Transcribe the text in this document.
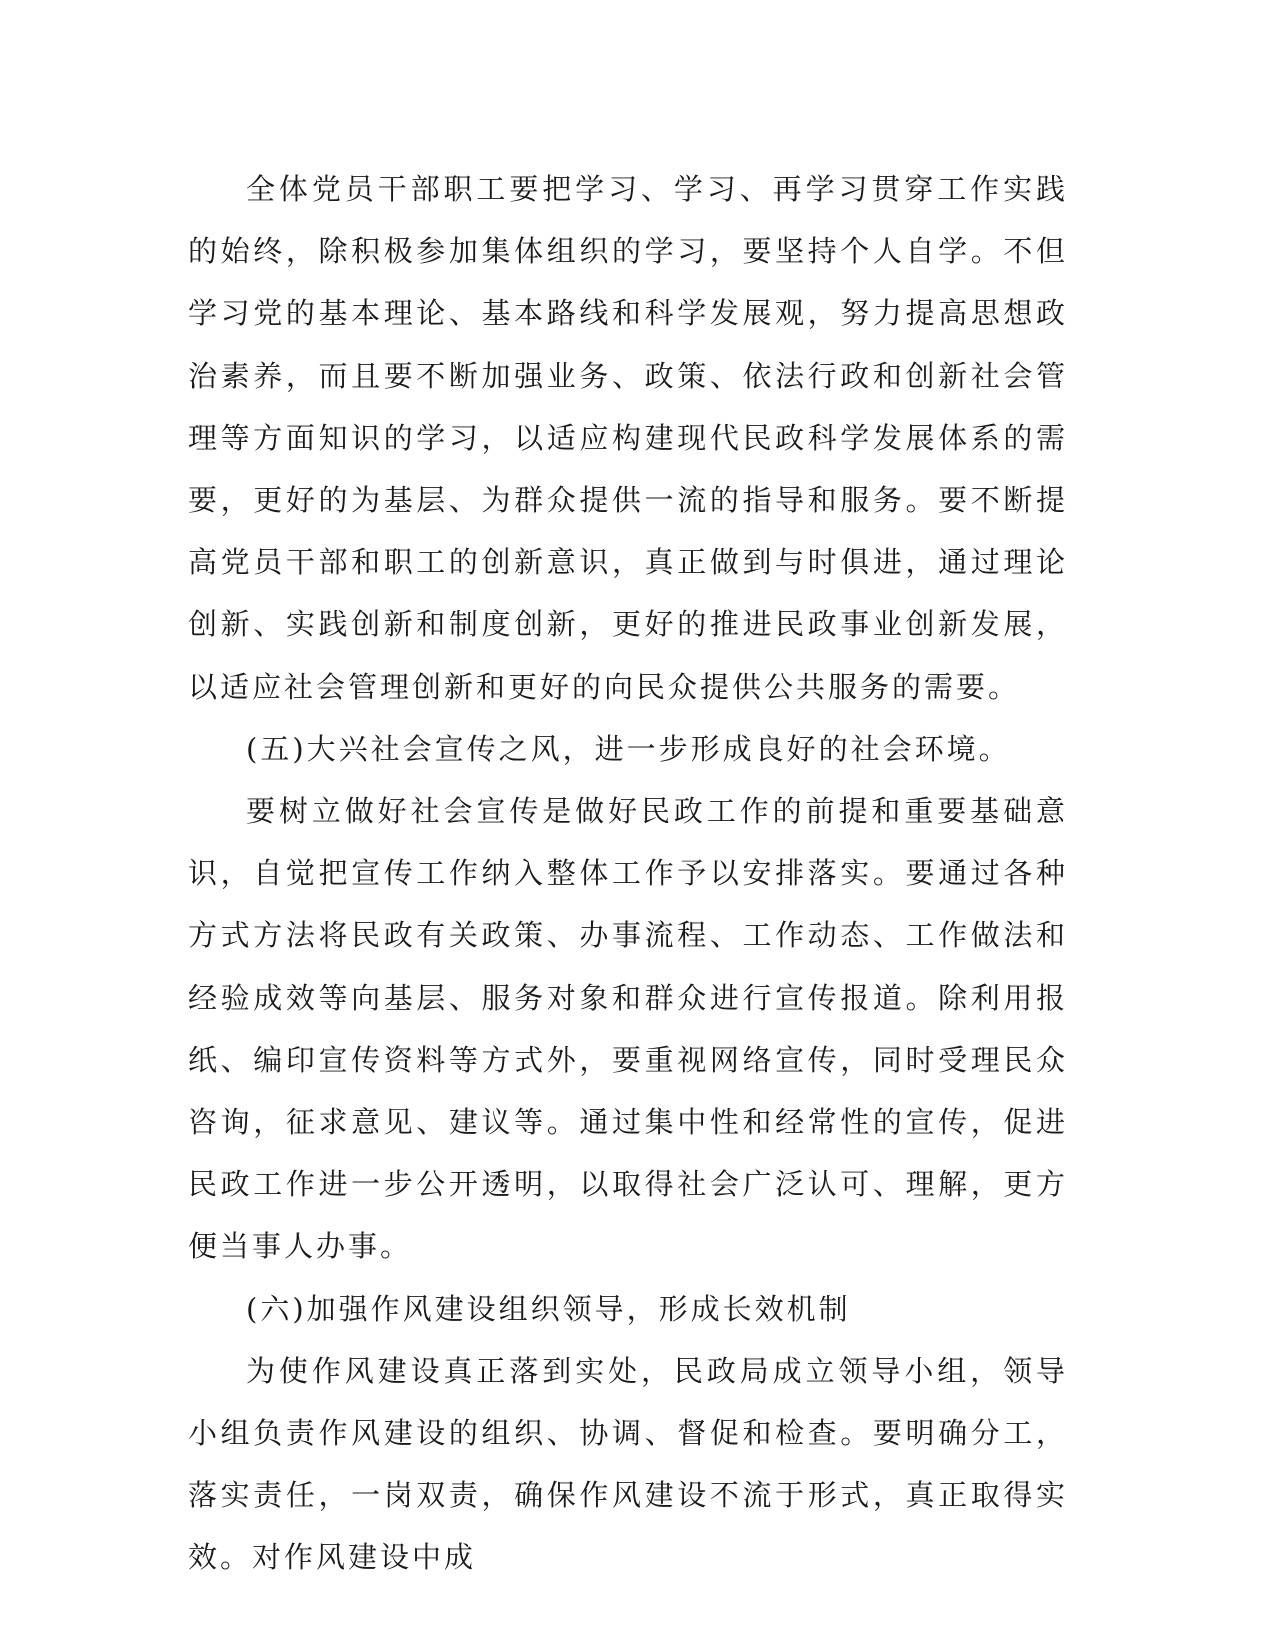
全体党员干部职工要把学习、学习、再学习贯穿工作实践的始终，除积极参加集体组织的学习，要坚持个人自学。不但学习党的基本理论、基本路线和科学发展观，努力提高思想政治素养，而且要不断加强业务、政策、依法行政和创新社会管理等方面知识的学习，以适应构建现代民政科学发展体系的需要，更好的为基层、为群众提供一流的指导和服务。要不断提高党员干部和职工的创新意识，真正做到与时俱进，通过理论创新、实践创新和制度创新，更好的推进民政事业创新发展，以适应社会管理创新和更好的向民众提供公共服务的需要。

(五)大兴社会宣传之风，进一步形成良好的社会环境。

要树立做好社会宣传是做好民政工作的前提和重要基础意识，自觉把宣传工作纳入整体工作予以安排落实。要通过各种方式方法将民政有关政策、办事流程、工作动态、工作做法和经验成效等向基层、服务对象和群众进行宣传报道。除利用报纸、编印宣传资料等方式外，要重视网络宣传，同时受理民众咨询，征求意见、建议等。通过集中性和经常性的宣传，促进民政工作进一步公开透明，以取得社会广泛认可、理解，更方便当事人办事。

(六)加强作风建设组织领导，形成长效机制

为使作风建设真正落到实处，民政局成立领导小组，领导小组负责作风建设的组织、协调、督促和检查。要明确分工，落实责任，一岗双责，确保作风建设不流于形式，真正取得实效。对作风建设中成
